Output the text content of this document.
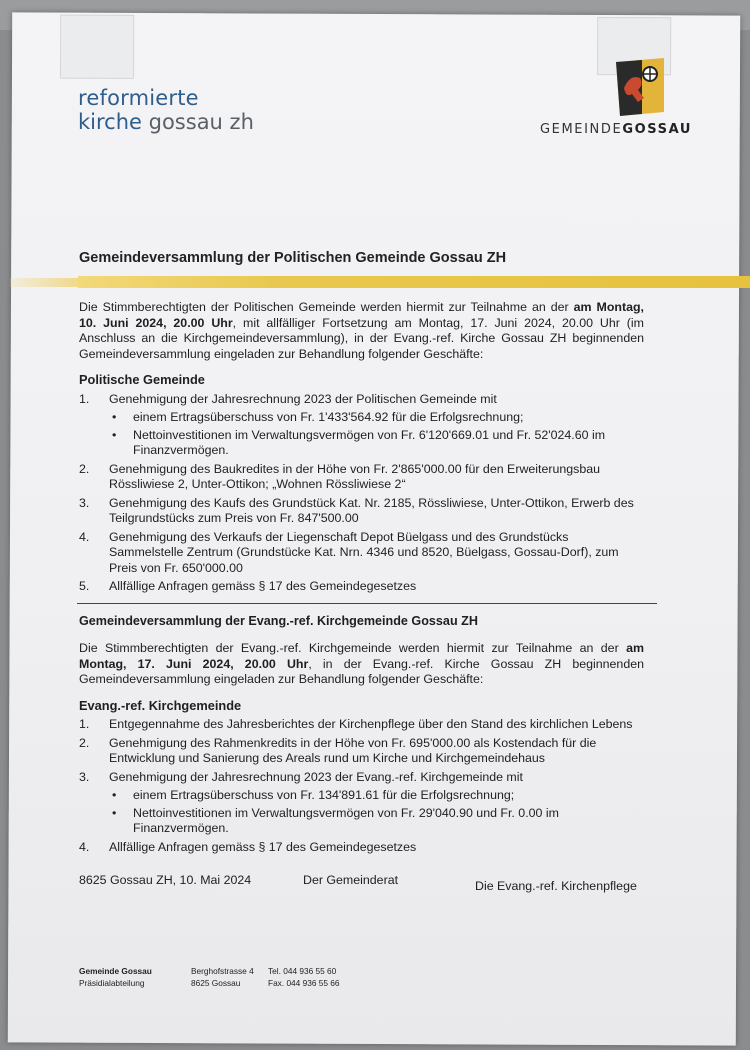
reformierte
kirche gossau zh	GEMEINDEGOSSAU
Gemeindeversammlung der Politischen Gemeinde Gossau ZH

Die Stimmberechtigten der Politischen Gemeinde werden hiermit zur Teilnahme an der am Montag, 10. Juni 2024, 20.00 Uhr, mit allfälliger Fortsetzung am Montag, 17. Juni 2024, 20.00 Uhr (im Anschluss an die Kirchgemeindeversammlung), in der Evang.-ref. Kirche Gossau ZH beginnenden Gemeindeversammlung eingeladen zur Behandlung folgender Geschäfte:

Politische Gemeinde
1. Genehmigung der Jahresrechnung 2023 der Politischen Gemeinde mit
• einem Ertragsüberschuss von Fr. 1'433'564.92 für die Erfolgsrechnung;
• Nettoinvestitionen im Verwaltungsvermögen von Fr. 6'120'669.01 und Fr. 52'024.60 im Finanzvermögen.
2. Genehmigung des Baukredites in der Höhe von Fr. 2'865'000.00 für den Erweiterungsbau Rössliwiese 2, Unter-Ottikon; „Wohnen Rössliwiese 2“
3. Genehmigung des Kaufs des Grundstück Kat. Nr. 2185, Rössliwiese, Unter-Ottikon, Erwerb des Teilgrundstücks zum Preis von Fr. 847'500.00
4. Genehmigung des Verkaufs der Liegenschaft Depot Büelgass und des Grundstücks Sammelstelle Zentrum (Grundstücke Kat. Nrn. 4346 und 8520, Büelgass, Gossau-Dorf), zum Preis von Fr. 650'000.00
5. Allfällige Anfragen gemäss § 17 des Gemeindegesetzes
Gemeindeversammlung der Evang.-ref. Kirchgemeinde Gossau ZH

Die Stimmberechtigten der Evang.-ref. Kirchgemeinde werden hiermit zur Teilnahme an der am Montag, 17. Juni 2024, 20.00 Uhr, in der Evang.-ref. Kirche Gossau ZH beginnenden Gemeindeversammlung eingeladen zur Behandlung folgender Geschäfte:

Evang.-ref. Kirchgemeinde
1. Entgegennahme des Jahresberichtes der Kirchenpflege über den Stand des kirchlichen Lebens
2. Genehmigung des Rahmenkredits in der Höhe von Fr. 695'000.00 als Kostendach für die Entwicklung und Sanierung des Areals rund um Kirche und Kirchgemeindehaus
3. Genehmigung der Jahresrechnung 2023 der Evang.-ref. Kirchgemeinde mit
• einem Ertragsüberschuss von Fr. 134'891.61 für die Erfolgsrechnung;
• Nettoinvestitionen im Verwaltungsvermögen von Fr. 29'040.90 und Fr. 0.00 im Finanzvermögen.
4. Allfällige Anfragen gemäss § 17 des Gemeindegesetzes
8625 Gossau ZH, 10. Mai 2024	Der Gemeinderat	Die Evang.-ref. Kirchenpflege
Gemeinde Gossau
Präsidialabteilung
Berghofstrasse 4
8625 Gossau
Tel. 044 936 55 60
Fax. 044 936 55 66
